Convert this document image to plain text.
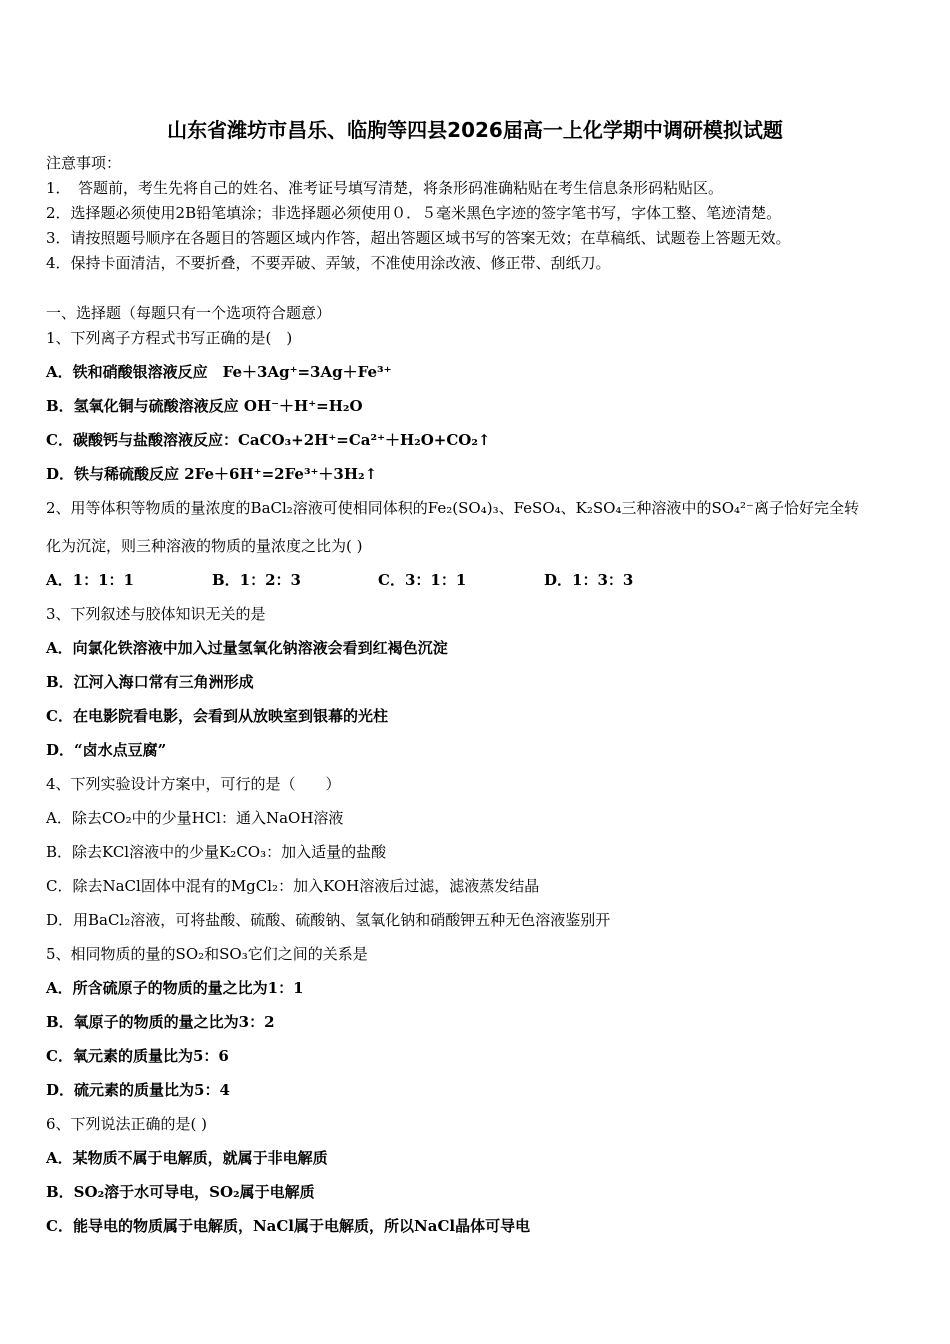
山东省潍坊市昌乐、临朐等四县2026届高一上化学期中调研模拟试题
注意事项：
1．　答题前，考生先将自己的姓名、准考证号填写清楚，将条形码准确粘贴在考生信息条形码粘贴区。
2．选择题必须使用2B铅笔填涂；非选择题必须使用０．５毫米黑色字迹的签字笔书写，字体工整、笔迹清楚。
3．请按照题号顺序在各题目的答题区域内作答，超出答题区域书写的答案无效；在草稿纸、试题卷上答题无效。
4．保持卡面清洁，不要折叠，不要弄破、弄皱，不准使用涂改液、修正带、刮纸刀。
一、选择题（每题只有一个选项符合题意）
1、下列离子方程式书写正确的是(　)
A．铁和硝酸银溶液反应　Fe＋3Ag⁺=3Ag＋Fe³⁺
B．氢氧化铜与硫酸溶液反应 OH⁻＋H⁺=H₂O
C．碳酸钙与盐酸溶液反应：CaCO₃+2H⁺=Ca²⁺＋H₂O+CO₂↑
D．铁与稀硫酸反应 2Fe＋6H⁺=2Fe³⁺＋3H₂↑
2、用等体积等物质的量浓度的BaCl₂溶液可使相同体积的Fe₂(SO₄)₃、FeSO₄、K₂SO₄三种溶液中的SO₄²⁻离子恰好完全转
化为沉淀，则三种溶液的物质的量浓度之比为( )
A．1：1：1	B．1：2：3	C．3：1：1	D．1：3：3
3、下列叙述与胶体知识无关的是
A．向氯化铁溶液中加入过量氢氧化钠溶液会看到红褐色沉淀
B．江河入海口常有三角洲形成
C．在电影院看电影，会看到从放映室到银幕的光柱
D．“卤水点豆腐”
4、下列实验设计方案中，可行的是（　　）
A．除去CO₂中的少量HCl：通入NaOH溶液
B．除去KCl溶液中的少量K₂CO₃：加入适量的盐酸
C．除去NaCl固体中混有的MgCl₂：加入KOH溶液后过滤，滤液蒸发结晶
D．用BaCl₂溶液，可将盐酸、硫酸、硫酸钠、氢氧化钠和硝酸钾五种无色溶液鉴别开
5、相同物质的量的SO₂和SO₃它们之间的关系是
A．所含硫原子的物质的量之比为1：1
B．氧原子的物质的量之比为3：2
C．氧元素的质量比为5：6
D．硫元素的质量比为5：4
6、下列说法正确的是( )
A．某物质不属于电解质，就属于非电解质
B．SO₂溶于水可导电，SO₂属于电解质
C．能导电的物质属于电解质，NaCl属于电解质，所以NaCl晶体可导电
